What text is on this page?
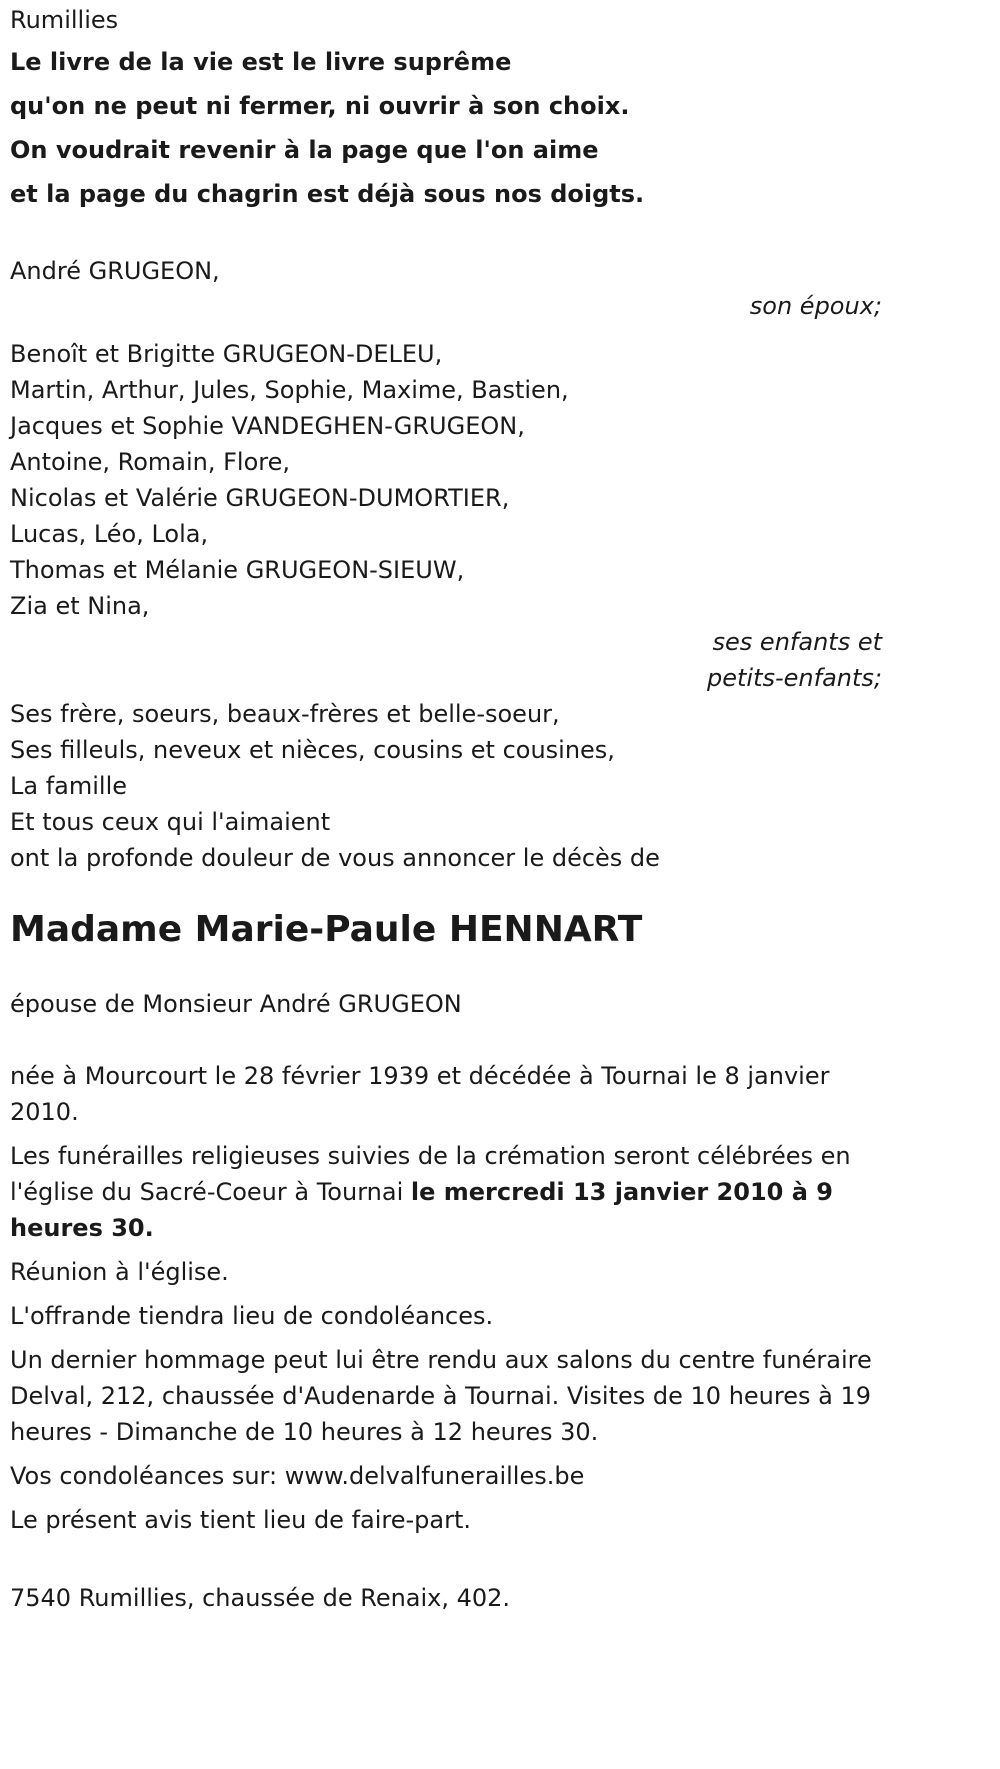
Rumillies
Le livre de la vie est le livre suprême
qu'on ne peut ni fermer, ni ouvrir à son choix.
On voudrait revenir à la page que l'on aime
et la page du chagrin est déjà sous nos doigts.
André GRUGEON,
son époux;
Benoît et Brigitte GRUGEON-DELEU,
Martin, Arthur, Jules, Sophie, Maxime, Bastien,
Jacques et Sophie VANDEGHEN-GRUGEON,
Antoine, Romain, Flore,
Nicolas et Valérie GRUGEON-DUMORTIER,
Lucas, Léo, Lola,
Thomas et Mélanie GRUGEON-SIEUW,
Zia et Nina,
ses enfants et
petits-enfants;
Ses frère, soeurs, beaux-frères et belle-soeur,
Ses filleuls, neveux et nièces, cousins et cousines,
La famille
Et tous ceux qui l'aimaient
ont la profonde douleur de vous annoncer le décès de
Madame Marie-Paule HENNART
épouse de Monsieur André GRUGEON

née à Mourcourt le 28 février 1939 et décédée à Tournai le 8 janvier 2010.

Les funérailles religieuses suivies de la crémation seront célébrées en l'église du Sacré-Coeur à Tournai le mercredi 13 janvier 2010 à 9 heures 30.

Réunion à l'église.

L'offrande tiendra lieu de condoléances.

Un dernier hommage peut lui être rendu aux salons du centre funéraire Delval, 212, chaussée d'Audenarde à Tournai. Visites de 10 heures à 19 heures - Dimanche de 10 heures à 12 heures 30.

Vos condoléances sur: www.delvalfunerailles.be

Le présent avis tient lieu de faire-part.

7540 Rumillies, chaussée de Renaix, 402.
